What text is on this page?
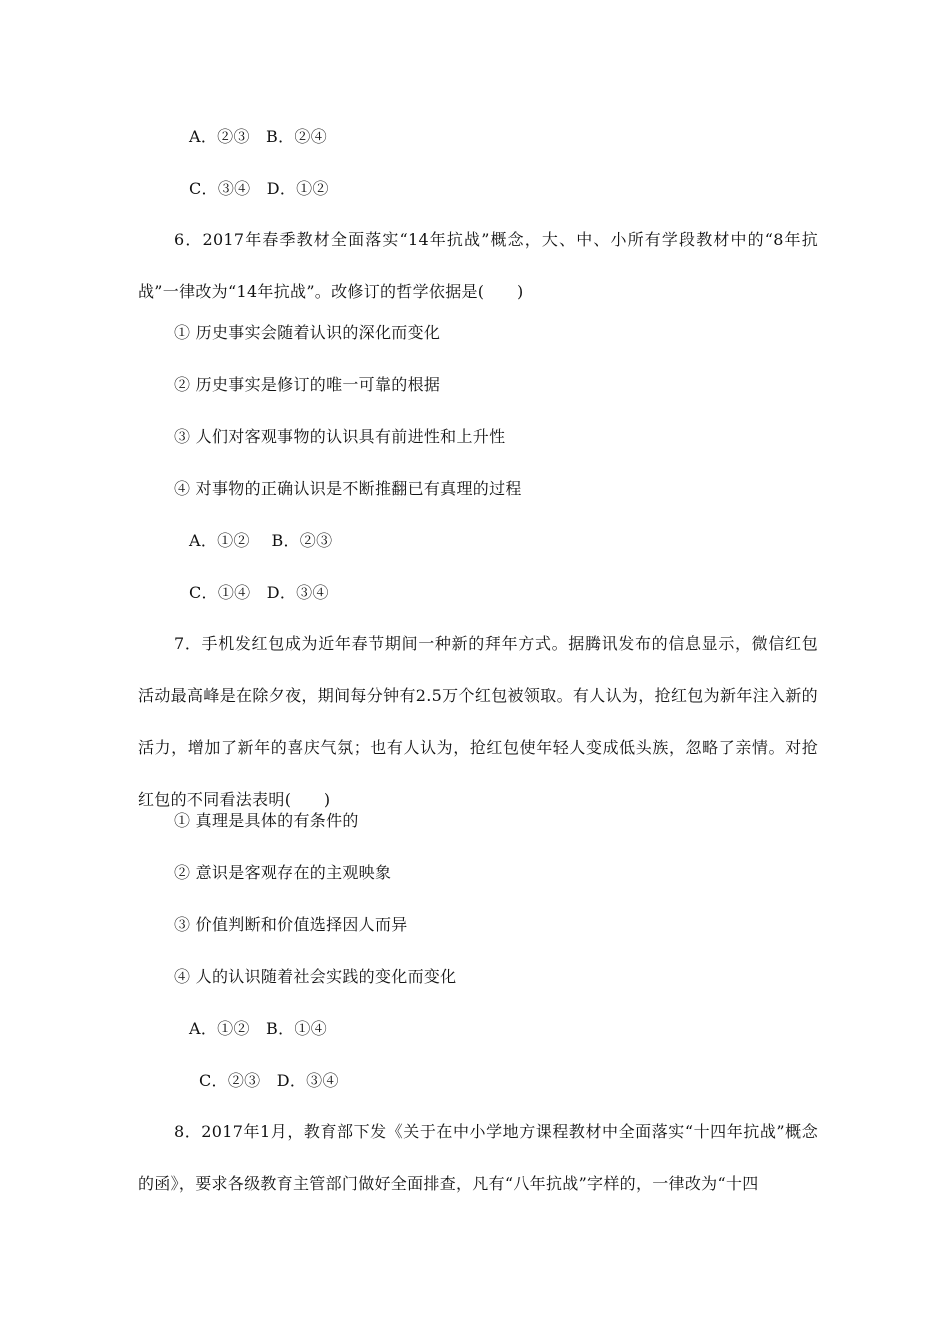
A．②③　B．②④
C．③④　D．①②
6．2017年春季教材全面落实“14年抗战”概念，大、中、小所有学段教材中的“8年抗战”一律改为“14年抗战”。改修订的哲学依据是(　　)
① 历史事实会随着认识的深化而变化
② 历史事实是修订的唯一可靠的根据
③ 人们对客观事物的认识具有前进性和上升性
④ 对事物的正确认识是不断推翻已有真理的过程
A．①②　 B．②③
C．①④　D．③④
7．手机发红包成为近年春节期间一种新的拜年方式。据腾讯发布的信息显示，微信红包活动最高峰是在除夕夜，期间每分钟有2.5万个红包被领取。有人认为，抢红包为新年注入新的活力，增加了新年的喜庆气氛；也有人认为，抢红包使年轻人变成低头族，忽略了亲情。对抢红包的不同看法表明(　　)
① 真理是具体的有条件的
② 意识是客观存在的主观映象
③ 价值判断和价值选择因人而异
④ 人的认识随着社会实践的变化而变化
A．①②　B．①④
C．②③　D．③④
8．2017年1月，教育部下发《关于在中小学地方课程教材中全面落实“十四年抗战”概念的函》，要求各级教育主管部门做好全面排查，凡有“八年抗战”字样的，一律改为“十四
